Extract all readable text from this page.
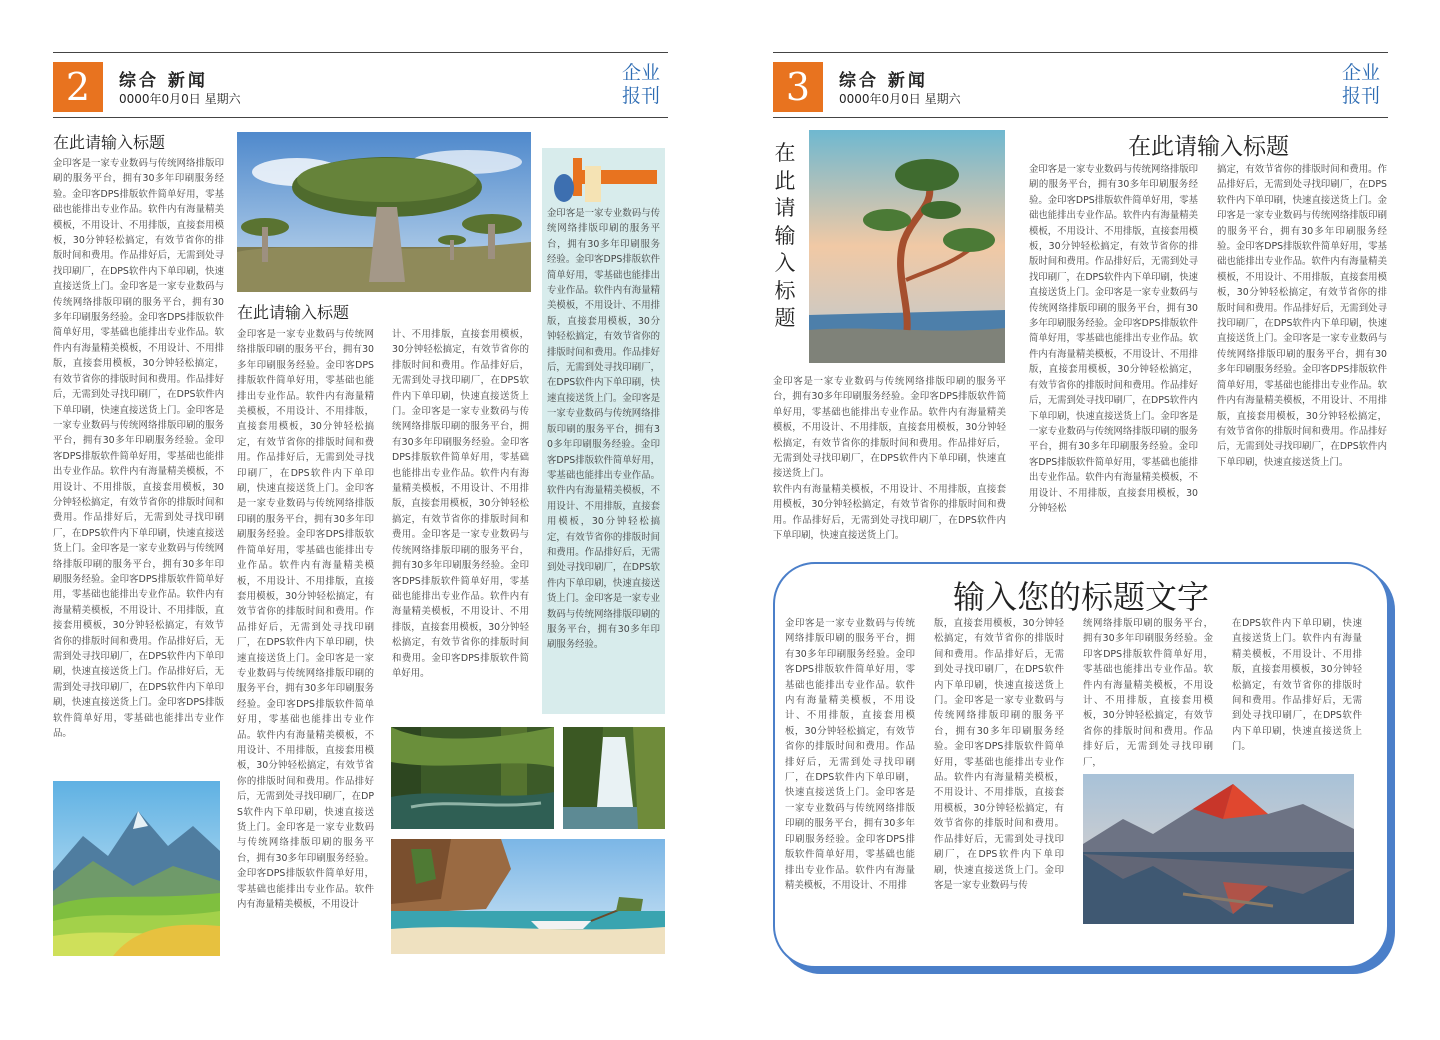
2	综合 新闻
0000年0月0日 星期六
企业
报刊
在此请输入标题

金印客是一家专业数码与传统网络排版印刷的服务平台，拥有30多年印刷服务经验。金印客DPS排版软件简单好用，零基础也能排出专业作品。软件内有海量精美模板，不用设计、不用排版，直接套用模板，30分钟轻松搞定，有效节省你的排版时间和费用。作品排好后，无需到处寻找印刷厂，在DPS软件内下单印刷，快速直接送货上门。金印客是一家专业数码与传统网络排版印刷的服务平台，拥有30多年印刷服务经验。金印客DPS排版软件简单好用，零基础也能排出专业作品。软件内有海量精美模板，不用设计、不用排版，直接套用模板，30分钟轻松搞定，有效节省你的排版时间和费用。作品排好后，无需到处寻找印刷厂，在DPS软件内下单印刷，快速直接送货上门。金印客是一家专业数码与传统网络排版印刷的服务平台，拥有30多年印刷服务经验。金印客DPS排版软件简单好用，零基础也能排出专业作品。软件内有海量精美模板，不用设计、不用排版，直接套用模板，30分钟轻松搞定，有效节省你的排版时间和费用。作品排好后，无需到处寻找印刷厂，在DPS软件内下单印刷，快速直接送货上门。金印客是一家专业数码与传统网络排版印刷的服务平台，拥有30多年印刷服务经验。金印客DPS排版软件简单好用，零基础也能排出专业作品。软件内有海量精美模板，不用设计、不用排版，直接套用模板，30分钟轻松搞定，有效节省你的排版时间和费用。作品排好后，无需到处寻找印刷厂，在DPS软件内下单印刷，快速直接送货上门。作品排好后，无需到处寻找印刷厂，在DPS软件内下单印刷，快速直接送货上门。金印客DPS排版软件简单好用，零基础也能排出专业作品。

在此请输入标题

金印客是一家专业数码与传统网络排版印刷的服务平台，拥有30多年印刷服务经验。金印客DPS排版软件简单好用，零基础也能排出专业作品。软件内有海量精美模板，不用设计、不用排版，直接套用模板，30分钟轻松搞定，有效节省你的排版时间和费用。作品排好后，无需到处寻找印刷厂，在DPS软件内下单印刷，快速直接送货上门。金印客是一家专业数码与传统网络排版印刷的服务平台，拥有30多年印刷服务经验。金印客DPS排版软件简单好用，零基础也能排出专业作品。软件内有海量精美模板，不用设计、不用排版，直接套用模板，30分钟轻松搞定，有效节省你的排版时间和费用。作品排好后，无需到处寻找印刷厂，在DPS软件内下单印刷，快速直接送货上门。金印客是一家专业数码与传统网络排版印刷的服务平台，拥有30多年印刷服务经验。金印客DPS排版软件简单好用，零基础也能排出专业作品。软件内有海量精美模板，不用设计、不用排版，直接套用模板，30分钟轻松搞定，有效节省你的排版时间和费用。作品排好后，无需到处寻找印刷厂，在DPS软件内下单印刷，快速直接送货上门。金印客是一家专业数码与传统网络排版印刷的服务平台，拥有30多年印刷服务经验。金印客DPS排版软件简单好用，零基础也能排出专业作品。软件内有海量精美模板，不用设计

计、不用排版，直接套用模板，30分钟轻松搞定，有效节省你的排版时间和费用。作品排好后，无需到处寻找印刷厂，在DPS软件内下单印刷，快速直接送货上门。金印客是一家专业数码与传统网络排版印刷的服务平台，拥有30多年印刷服务经验。金印客DPS排版软件简单好用，零基础也能排出专业作品。软件内有海量精美模板，不用设计、不用排版，直接套用模板，30分钟轻松搞定，有效节省你的排版时间和费用。金印客是一家专业数码与传统网络排版印刷的服务平台，拥有30多年印刷服务经验。金印客DPS排版软件简单好用，零基础也能排出专业作品。软件内有海量精美模板，不用设计、不用排版，直接套用模板，30分钟轻松搞定，有效节省你的排版时间和费用。金印客DPS排版软件简单好用。

金印客是一家专业数码与传统网络排版印刷的服务平台，拥有30多年印刷服务经验。金印客DPS排版软件简单好用，零基础也能排出专业作品。软件内有海量精美模板，不用设计、不用排版，直接套用模板，30分钟轻松搞定，有效节省你的排版时间和费用。作品排好后，无需到处寻找印刷厂，在DPS软件内下单印刷，快速直接送货上门。金印客是一家专业数码与传统网络排版印刷的服务平台，拥有30多年印刷服务经验。金印客DPS排版软件简单好用，零基础也能排出专业作品。软件内有海量精美模板，不用设计、不用排版，直接套用模板，30分钟轻松搞定，有效节省你的排版时间和费用。作品排好后，无需到处寻找印刷厂，在DPS软件内下单印刷，快速直接送货上门。金印客是一家专业数码与传统网络排版印刷的服务平台，拥有30多年印刷服务经验。

3	综合 新闻
0000年0月0日 星期六
企业
报刊
在此请输入标题

金印客是一家专业数码与传统网络排版印刷的服务平台，拥有30多年印刷服务经验。金印客DPS排版软件简单好用，零基础也能排出专业作品。软件内有海量精美模板，不用设计、不用排版，直接套用模板，30分钟轻松搞定，有效节省你的排版时间和费用。作品排好后，无需到处寻找印刷厂，在DPS软件内下单印刷，快速直接送货上门。

软件内有海量精美模板，不用设计、不用排版，直接套用模板，30分钟轻松搞定，有效节省你的排版时间和费用。作品排好后，无需到处寻找印刷厂，在DPS软件内下单印刷，快速直接送货上门。

在此请输入标题

金印客是一家专业数码与传统网络排版印刷的服务平台，拥有30多年印刷服务经验。金印客DPS排版软件简单好用，零基础也能排出专业作品。软件内有海量精美模板，不用设计、不用排版，直接套用模板，30分钟轻松搞定，有效节省你的排版时间和费用。作品排好后，无需到处寻找印刷厂，在DPS软件内下单印刷，快速直接送货上门。金印客是一家专业数码与传统网络排版印刷的服务平台，拥有30多年印刷服务经验。金印客DPS排版软件简单好用，零基础也能排出专业作品。软件内有海量精美模板，不用设计、不用排版，直接套用模板，30分钟轻松搞定，有效节省你的排版时间和费用。作品排好后，无需到处寻找印刷厂，在DPS软件内下单印刷，快速直接送货上门。金印客是一家专业数码与传统网络排版印刷的服务平台，拥有30多年印刷服务经验。金印客DPS排版软件简单好用，零基础也能排出专业作品。软件内有海量精美模板，不用设计、不用排版，直接套用模板，30分钟轻松

搞定，有效节省你的排版时间和费用。作品排好后，无需到处寻找印刷厂，在DPS软件内下单印刷，快速直接送货上门。金印客是一家专业数码与传统网络排版印刷的服务平台，拥有30多年印刷服务经验。金印客DPS排版软件简单好用，零基础也能排出专业作品。软件内有海量精美模板，不用设计、不用排版，直接套用模板，30分钟轻松搞定，有效节省你的排版时间和费用。作品排好后，无需到处寻找印刷厂，在DPS软件内下单印刷，快速直接送货上门。金印客是一家专业数码与传统网络排版印刷的服务平台，拥有30多年印刷服务经验。金印客DPS排版软件简单好用，零基础也能排出专业作品。软件内有海量精美模板，不用设计、不用排版，直接套用模板，30分钟轻松搞定，有效节省你的排版时间和费用。作品排好后，无需到处寻找印刷厂，在DPS软件内下单印刷，快速直接送货上门。

输入您的标题文字

金印客是一家专业数码与传统网络排版印刷的服务平台，拥有30多年印刷服务经验。金印客DPS排版软件简单好用，零基础也能排出专业作品。软件内有海量精美模板，不用设计、不用排版，直接套用模板，30分钟轻松搞定，有效节省你的排版时间和费用。作品排好后，无需到处寻找印刷厂，在DPS软件内下单印刷，快速直接送货上门。金印客是一家专业数码与传统网络排版印刷的服务平台，拥有30多年印刷服务经验。金印客DPS排版软件简单好用，零基础也能排出专业作品。软件内有海量精美模板，不用设计、不用排

版，直接套用模板，30分钟轻松搞定，有效节省你的排版时间和费用。作品排好后，无需到处寻找印刷厂，在DPS软件内下单印刷，快速直接送货上门。金印客是一家专业数码与传统网络排版印刷的服务平台，拥有30多年印刷服务经验。金印客DPS排版软件简单好用，零基础也能排出专业作品。软件内有海量精美模板，不用设计、不用排版，直接套用模板，30分钟轻松搞定，有效节省你的排版时间和费用。作品排好后，无需到处寻找印刷厂，在DPS软件内下单印刷，快速直接送货上门。金印客是一家专业数码与传

统网络排版印刷的服务平台，拥有30多年印刷服务经验。金印客DPS排版软件简单好用，零基础也能排出专业作品。软件内有海量精美模板，不用设计、不用排版，直接套用模板，30分钟轻松搞定，有效节省你的排版时间和费用。作品排好后，无需到处寻找印刷厂，

在DPS软件内下单印刷，快速直接送货上门。软件内有海量精美模板，不用设计、不用排版，直接套用模板，30分钟轻松搞定，有效节省你的排版时间和费用。作品排好后，无需到处寻找印刷厂，在DPS软件内下单印刷，快速直接送货上门。
